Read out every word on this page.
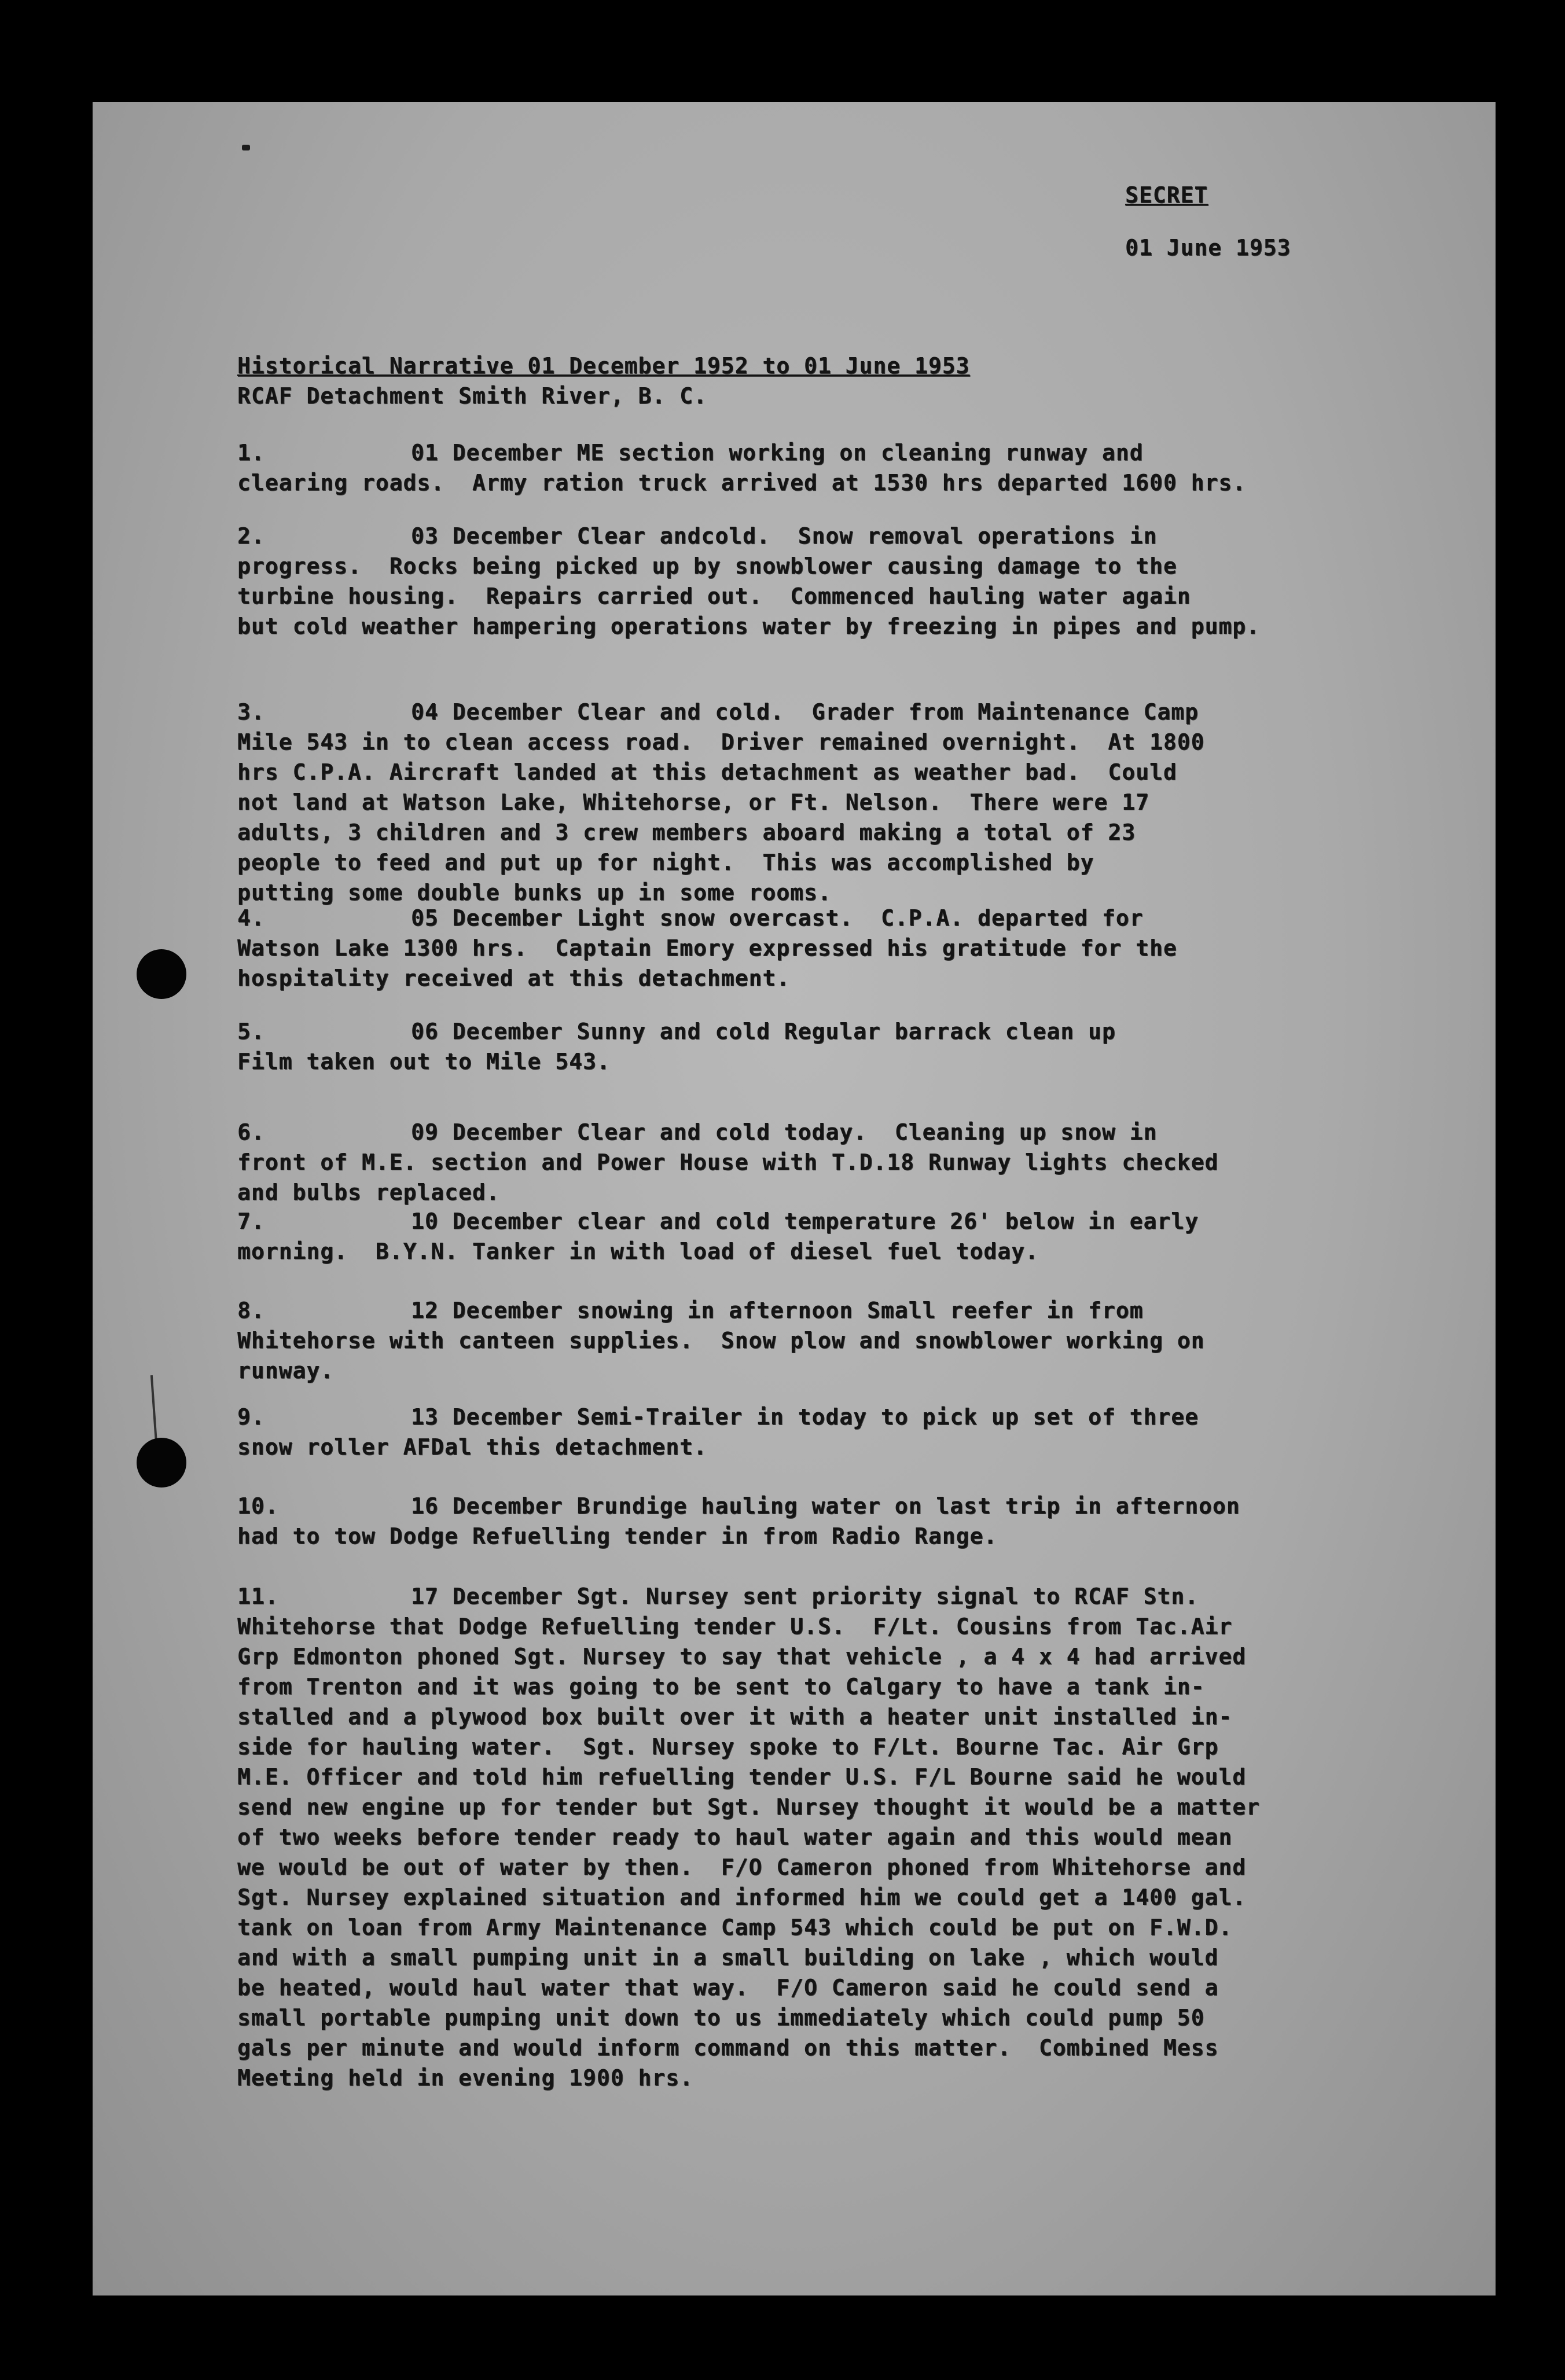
SECRET
01 June 1953
Historical Narrative 01 December 1952 to 01 June 1953
RCAF Detachment Smith River, B. C.

1.	01 December ME section working on cleaning runway and

clearing roads.  Army ration truck arrived at 1530 hrs departed 1600 hrs.

2.	03 December Clear andcold.  Snow removal operations in

progress.  Rocks being picked up by snowblower causing damage to the

turbine housing.  Repairs carried out.  Commenced hauling water again

but cold weather hampering operations water by freezing in pipes and pump.

3.	04 December Clear and cold.  Grader from Maintenance Camp

Mile 543 in to clean access road.  Driver remained overnight.  At 1800

hrs C.P.A. Aircraft landed at this detachment as weather bad.  Could

not land at Watson Lake, Whitehorse, or Ft. Nelson.  There were 17

adults, 3 children and 3 crew members aboard making a total of 23

people to feed and put up for night.  This was accomplished by

putting some double bunks up in some rooms.

4.	05 December Light snow overcast.  C.P.A. departed for

Watson Lake 1300 hrs.  Captain Emory expressed his gratitude for the

hospitality received at this detachment.

5.	06 December Sunny and cold Regular barrack clean up

Film taken out to Mile 543.

6.	09 December Clear and cold today.  Cleaning up snow in

front of M.E. section and Power House with T.D.18 Runway lights checked

and bulbs replaced.

7.	10 December clear and cold temperature 26' below in early

morning.  B.Y.N. Tanker in with load of diesel fuel today.

8.	12 December snowing in afternoon Small reefer in from

Whitehorse with canteen supplies.  Snow plow and snowblower working on

runway.

9.	13 December Semi-Trailer in today to pick up set of three

snow roller AFDal this detachment.

10.	16 December Brundige hauling water on last trip in afternoon

had to tow Dodge Refuelling tender in from Radio Range.

11.	17 December Sgt. Nursey sent priority signal to RCAF Stn.

Whitehorse that Dodge Refuelling tender U.S.  F/Lt. Cousins from Tac.Air

Grp Edmonton phoned Sgt. Nursey to say that vehicle , a 4 x 4 had arrived

from Trenton and it was going to be sent to Calgary to have a tank in-

stalled and a plywood box built over it with a heater unit installed in-

side for hauling water.  Sgt. Nursey spoke to F/Lt. Bourne Tac. Air Grp

M.E. Officer and told him refuelling tender U.S. F/L Bourne said he would

send new engine up for tender but Sgt. Nursey thought it would be a matter

of two weeks before tender ready to haul water again and this would mean

we would be out of water by then.  F/O Cameron phoned from Whitehorse and

Sgt. Nursey explained situation and informed him we could get a 1400 gal.

tank on loan from Army Maintenance Camp 543 which could be put on F.W.D.

and with a small pumping unit in a small building on lake , which would

be heated, would haul water that way.  F/O Cameron said he could send a

small portable pumping unit down to us immediately which could pump 50

gals per minute and would inform command on this matter.  Combined Mess

Meeting held in evening 1900 hrs.
